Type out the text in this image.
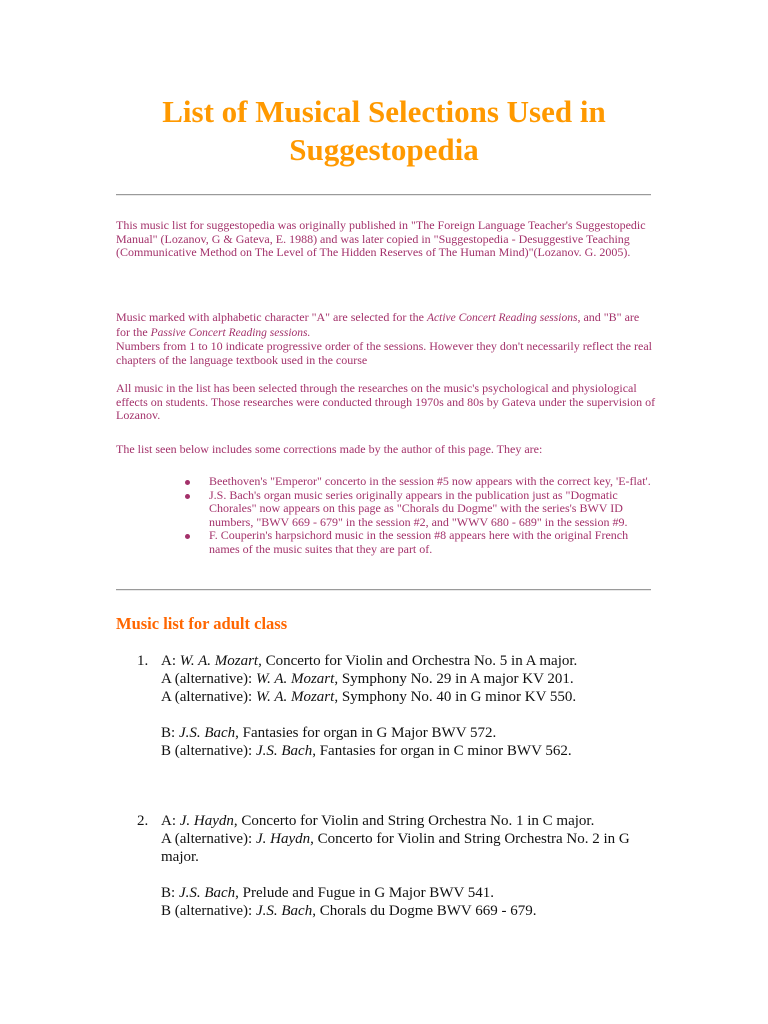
List of Musical Selections Used in
Suggestopedia

This music list for suggestopedia was originally published in "The Foreign Language Teacher's Suggestopedic Manual" (Lozanov, G & Gateva, E. 1988) and was later copied in "Suggestopedia - Desuggestive Teaching (Communicative Method on The Level of The Hidden Reserves of The Human Mind)"(Lozanov. G. 2005).

Music marked with alphabetic character "A" are selected for the Active Concert Reading sessions, and "B" are for the Passive Concert Reading sessions.
Numbers from 1 to 10 indicate progressive order of the sessions. However they don't necessarily reflect the real chapters of the language textbook used in the course

All music in the list has been selected through the researches on the music's psychological and physiological effects on students. Those researches were conducted through 1970s and 80s by Gateva under the supervision of Lozanov.

The list seen below includes some corrections made by the author of this page. They are:

Beethoven's "Emperor" concerto in the session #5 now appears with the correct key, 'E-flat'.
J.S. Bach's organ music series originally appears in the publication just as "Dogmatic Chorales" now appears on this page as "Chorals du Dogme" with the series's BWV ID numbers, "BWV 669 - 679" in the session #2, and "WWV 680 - 689" in the session #9.
F. Couperin's harpsichord music in the session #8 appears here with the original French names of the music suites that they are part of.
Music list for adult class
1. A: W. A. Mozart, Concerto for Violin and Orchestra No. 5 in A major.
A (alternative): W. A. Mozart, Symphony No. 29 in A major KV 201.
A (alternative): W. A. Mozart, Symphony No. 40 in G minor KV 550.
B: J.S. Bach, Fantasies for organ in G Major BWV 572.
B (alternative): J.S. Bach, Fantasies for organ in C minor BWV 562.
2. A: J. Haydn, Concerto for Violin and String Orchestra No. 1 in C major.
A (alternative): J. Haydn, Concerto for Violin and String Orchestra No. 2 in G major.
B: J.S. Bach, Prelude and Fugue in G Major BWV 541.
B (alternative): J.S. Bach, Chorals du Dogme BWV 669 - 679.
